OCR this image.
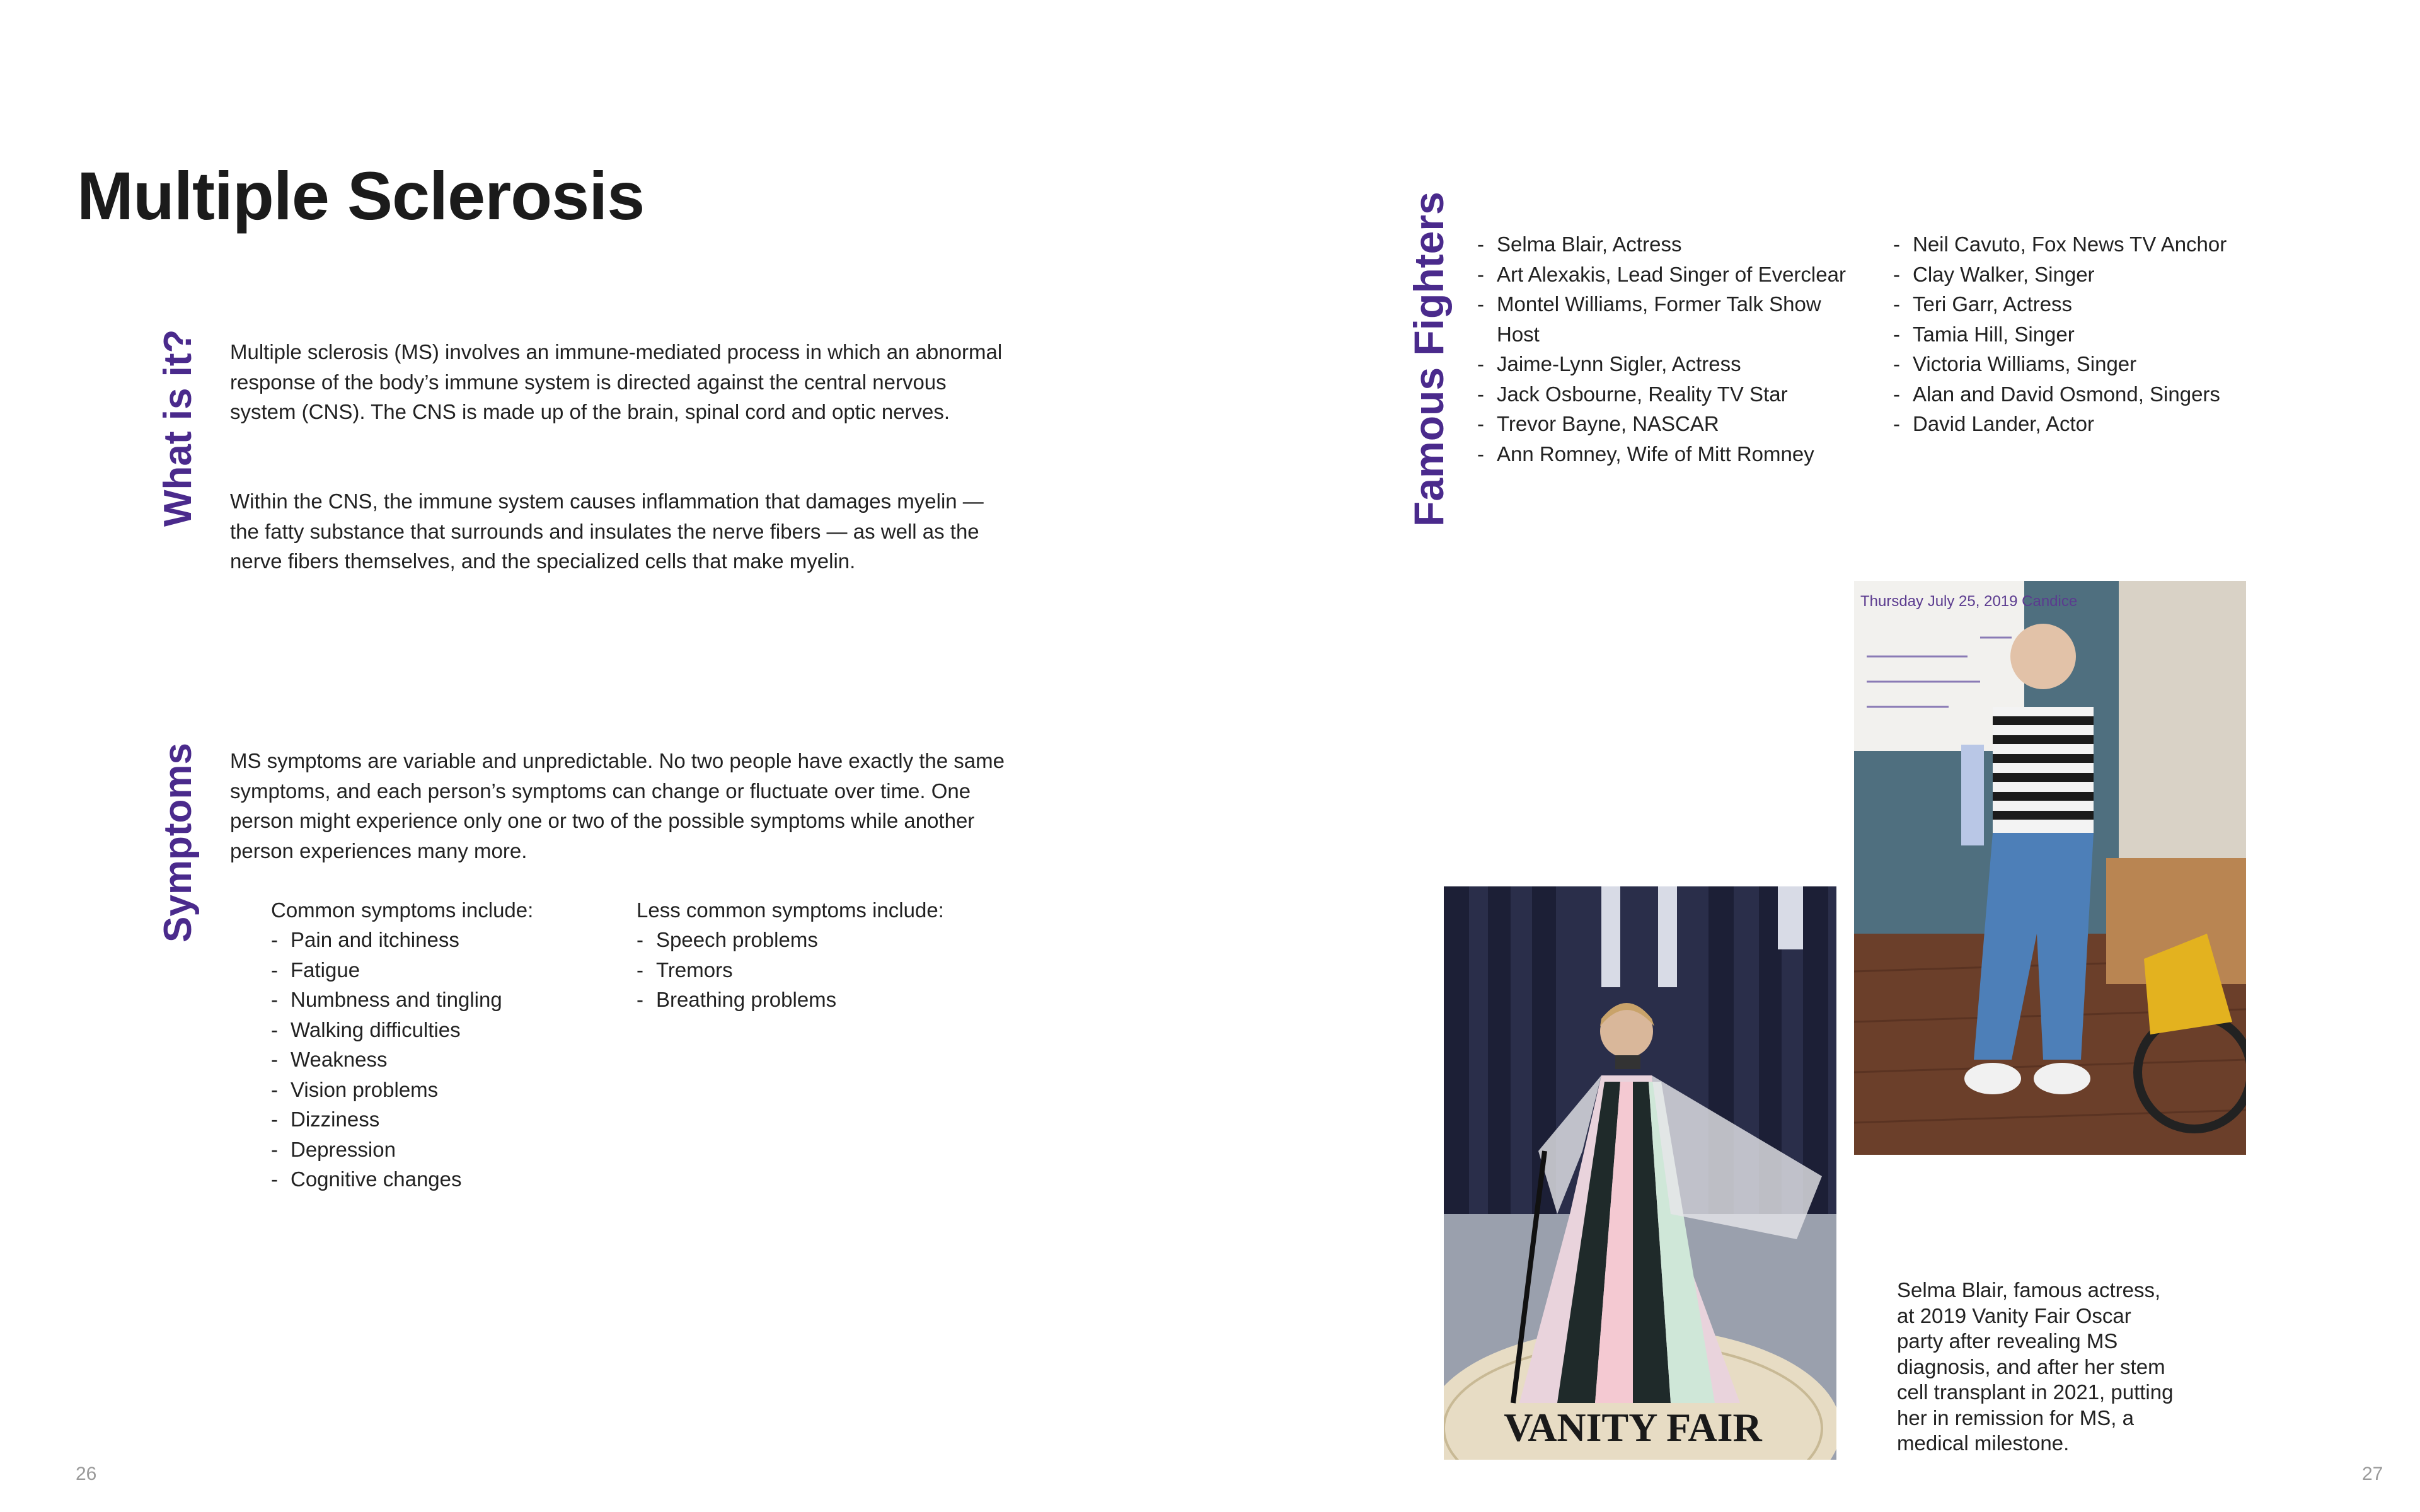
Multiple Sclerosis
What is it? Multiple sclerosis (MS) involves an immune-mediated process in which an abnormal response of the body’s immune system is directed against the central nervous system (CNS). The CNS is made up of the brain, spinal cord and optic nerves.

Within the CNS, the immune system causes inflammation that damages myelin — the fatty substance that surrounds and insulates the nerve fibers — as well as the nerve fibers themselves, and the specialized cells that make myelin.

Symptoms MS symptoms are variable and unpredictable. No two people have exactly the same symptoms, and each person’s symptoms can change or fluctuate over time. One person might experience only one or two of the possible symptoms while another person experiences many more.

Common symptoms include:

- Pain and itchiness
- Fatigue
- Numbness and tingling
- Walking difficulties
- Weakness
- Vision problems
- Dizziness
- Depression
- Cognitive changes

Less common symptoms include:

- Speech problems
- Tremors
- Breathing problems
Famous Fighters - Selma Blair, Actress
- Art Alexakis, Lead Singer of Everclear
- Montel Williams, Former Talk Show Host
- Jaime-Lynn Sigler, Actress
- Jack Osbourne, Reality TV Star
- Trevor Bayne, NASCAR
- Ann Romney, Wife of Mitt Romney
- Neil Cavuto, Fox News TV Anchor
- Clay Walker, Singer
- Teri Garr, Actress
- Tamia Hill, Singer
- Victoria Williams, Singer
- Alan and David Osmond, Singers
- David Lander, Actor
VANITY FAIR
Thursday July 25, 2019 Candice

Selma Blair, famous actress, at 2019 Vanity Fair Oscar party after revealing MS diagnosis, and after her stem cell transplant in 2021, putting her in remission for MS, a medical milestone.

26	27
